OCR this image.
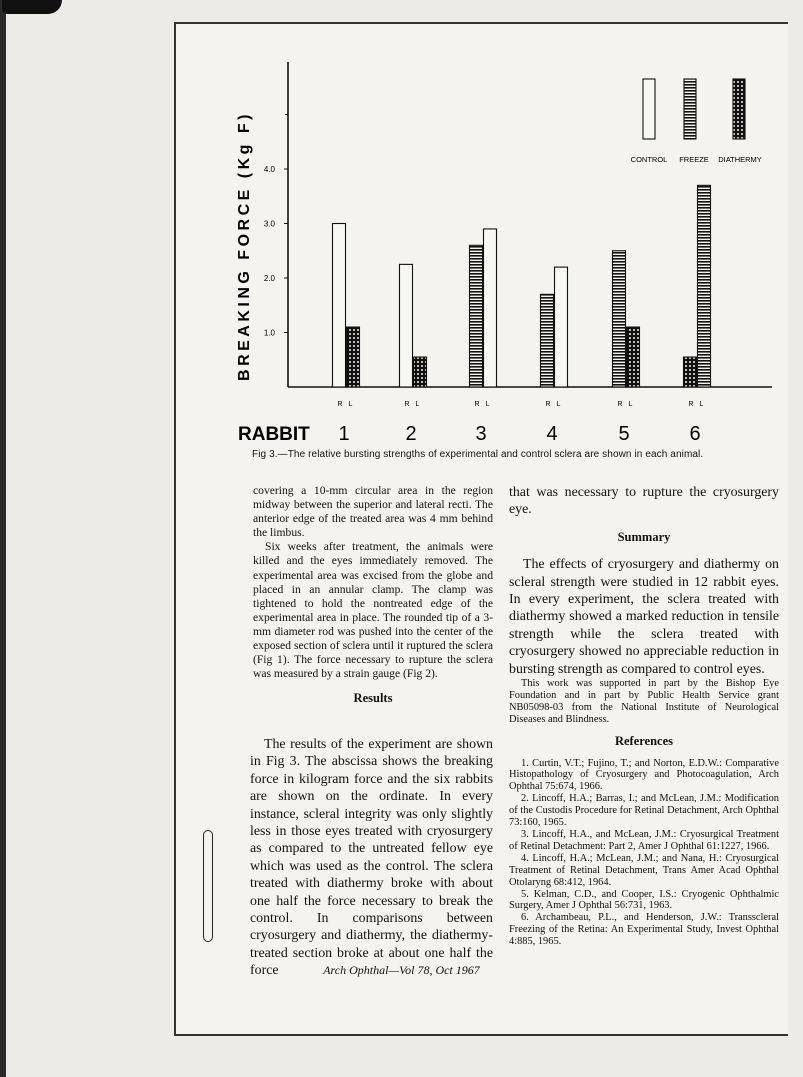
1.0
2.0
3.0
4.0
BREAKING FORCE (Kg F)
R L
1
R L
2
R L
3
R L
4
R L
5
R L
6
RABBIT
CONTROL FREEZE DIATHERMY
Fig 3.—The relative bursting strengths of experimental and control sclera are shown in each animal.

covering a 10-mm circular area in the region midway between the superior and lateral recti. The anterior edge of the treated area was 4 mm behind the limbus.

Six weeks after treatment, the animals were killed and the eyes immediately removed. The experimental area was excised from the globe and placed in an annular clamp. The clamp was tightened to hold the nontreated edge of the experimental area in place. The rounded tip of a 3-mm diameter rod was pushed into the center of the exposed section of sclera until it ruptured the sclera (Fig 1). The force necessary to rupture the sclera was measured by a strain gauge (Fig 2).

Results

The results of the experiment are shown in Fig 3. The abscissa shows the breaking force in kilogram force and the six rabbits are shown on the ordinate. In every instance, scleral integrity was only slightly less in those eyes treated with cryosurgery as compared to the untreated fellow eye which was used as the control. The sclera treated with diathermy broke with about one half the force necessary to break the control. In comparisons between cryosurgery and diathermy, the diathermy-treated section broke at about one half the force

that was necessary to rupture the cryosurgery eye.

Summary

The effects of cryosurgery and diathermy on scleral strength were studied in 12 rabbit eyes. In every experiment, the sclera treated with diathermy showed a marked reduction in tensile strength while the sclera treated with cryosurgery showed no appreciable reduction in bursting strength as compared to control eyes.

This work was supported in part by the Bishop Eye Foundation and in part by Public Health Service grant NB05098-03 from the National Institute of Neurological Diseases and Blindness.

References

1. Curtin, V.T.; Fujino, T.; and Norton, E.D.W.: Comparative Histopathology of Cryosurgery and Photocoagulation, Arch Ophthal 75:674, 1966.

2. Lincoff, H.A.; Barras, I.; and McLean, J.M.: Modification of the Custodis Procedure for Retinal Detachment, Arch Ophthal 73:160, 1965.

3. Lincoff, H.A., and McLean, J.M.: Cryosurgical Treatment of Retinal Detachment: Part 2, Amer J Ophthal 61:1227, 1966.

4. Lincoff, H.A.; McLean, J.M.; and Nana, H.: Cryosurgical Treatment of Retinal Detachment, Trans Amer Acad Ophthal Otolaryng 68:412, 1964.

5. Kelman, C.D., and Cooper, I.S.: Cryogenic Ophthalmic Surgery, Amer J Ophthal 56:731, 1963.

6. Archambeau, P.L., and Henderson, J.W.: Transscleral Freezing of the Retina: An Experimental Study, Invest Ophthal 4:885, 1965.

Arch Ophthal—Vol 78, Oct 1967
